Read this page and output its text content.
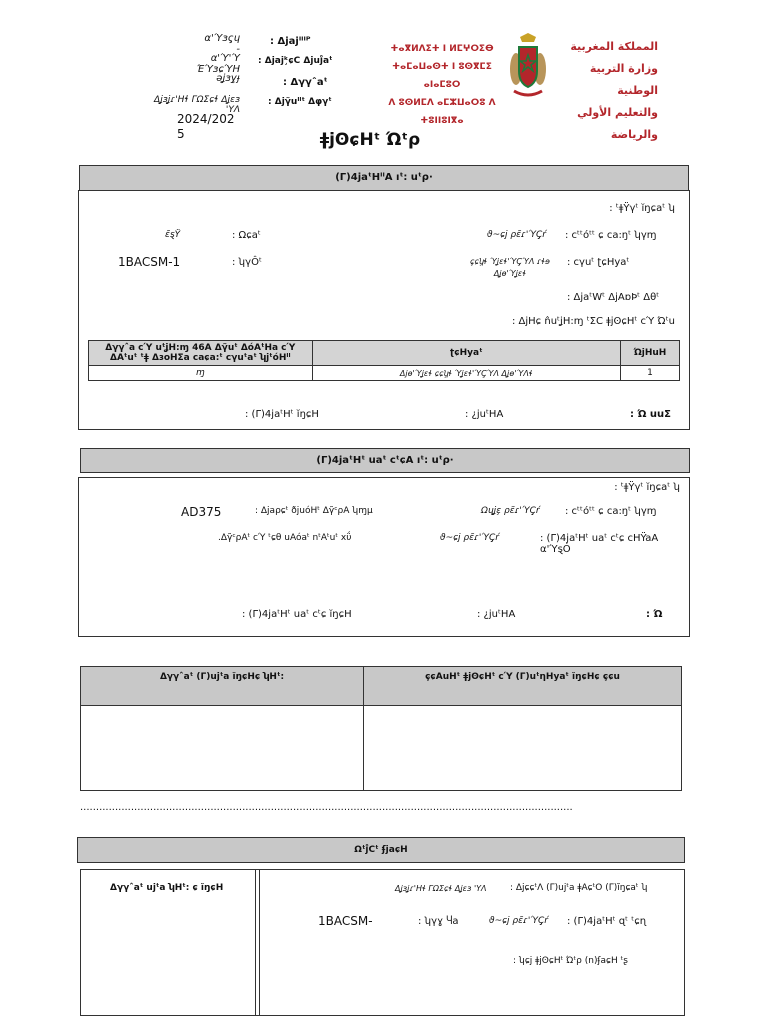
α'Ύɜς̧ɥ -
α'Ύ'Ύ ΈΎɜɕΎΗ
ǝʝ̧ɜy̧ɟ
Δʝ̧ɜʝ̧ɾ'Ηɬ ΓΩΣɕɬ Δʝɛɜ 'ΥΛ
2024/2025
: Δjajᴵᴵᴵᴾ
: Δjajᵏ̧ɕC Δjuj̊aᵗ
: Δγγˆaᵗ
: Δjγ̃uᴵᴵᵗ Δφγᵗ
ⵜⴰⴳⵍⴷⵉⵜ ⵏ ⵍⵎⵖⵔⵉⴱ
ⵜⴰⵎⴰⵡⴰⵙⵜ ⵏ ⵓⵙⴳⵎⵉ ⴰⵏⴰⵎⵓⵔ
ⴷ ⵓⵙⵍⵎⴷ ⴰⵎⵣⵡⴰⵔⵓ ⴷ ⵜⵓⵏⵏⵓⵏⴳⴰ
المملكة المغربية
وزارة التربية الوطنية
والتعليم الأولي والرياضة
ǂjʘɕHᵗ Ώᵗρ
(Γ)4jaᵗHᴵᴵA ıᵗ: uᵗρ·
: ᵗǂŸγᵗ ĭŋɕaᵗ ʮ
ɛ̃ȿŸ	: Ωɕaᵗ	ϑ~ɕj ρɛ̃ɾ'ΎÇ̧ŕ	: cᵗᵗóᵗᵗ ɕ ca:ŋᵗ ʮγɱ
1BACSM-1	: ʮγÔᵗ	ɕ̧ɕʮ̧ɬ Ύʝɛɬ'ΎÇ̧ΎΛ ɾɬɘ Δʝɵ'Ύʝɛɬ
: cγuᵗ ʈɕHyaᵗ
: ΔjaᵗWᵗ ΔjAɒÞᵗ Δθᵗ
: ΔjHɕ n̂uᵗʝH:ɱ ᵗΣC ǂjʘɕHᵗ cΎ Ώᵗu
Δγγˆa cΎ uᵗʝH:ɱ 46A Δγ̃uᵗ ΔóAᵗHa cΎ ΔAᵗuᵗ ᵗǂ ΔɜoHΣa caɕa:ᵗ cγuᵗaᵗ ʮjᵗóHᴵᴵ	ʈɕHyaᵗ	ΏjHuH
ɱ	Δjɵ'Ύʝɛɬ ɕɕʮ̧ɬ Ύʝɛɬ'ΎÇ̧ΎΛ Δʝɵ'ΎΛɬ	1
: (Γ)4jaᵗHᵗ ĭŋɕH	: ¿juᵗHA	: Ώ uuΣ
(Γ)4jaᵗHᵗ uaᵗ cᵗɕA ıᵗ: uᵗρ·
: ᵗǂŸγᵗ ĭŋɕaᵗ ʮ
AD375	: Δjaρɕᵗ ðjuóHᵗ Δγ̃ᶜρA ʮɱμ	Ωɥʝ̧ɛ̧ ρɛ̃ɾ'ΎÇ̧ŕ	: cᵗᵗóᵗᵗ ɕ ca:ŋᵗ ʮγɱ
.Δγ̃ᶜρAᵗ cΎ ᵗɕθ uAóaᵗ nᵗAᵗuᵗ xΰ	ϑ~ɕj ρɛ̃ɾ'ΎÇ̧ŕ	: (Γ)4jaᵗHᵗ uaᵗ cᵗɕ cHŸaA α'ΎȿÓ
: (Γ)4jaᵗHᵗ uaᵗ cᵗɕ ĭŋɕH	: ¿juᵗHA	: Ώ
Δγγˆaᵗ (Γ)ujᵗa ĭŋɕHɕ ʮHᵗ:	ɕ̧ɕAuHᵗ ǂjʘɕHᵗ cΎ (Γ)uᵗηHyaᵗ ĭŋɕHɕ ɕ̧ɕu
...........................................................................................................................................................
Ωᵗj̊Cᵗ ʄjaɕH
Δγγˆaᵗ ujᵗa ʮHᵗ: ɕ ĭŋɕH	Δʝ̧ɜʝ̧ɾ'Ηɬ ΓΩΣɕɬ Δʝɛɜ 'ΥΛ	: ΔjɕɕᵗΛ (Γ)ujᵗa ǂAɕᵗO (Γ)ĭŋɕaᵗ ʮ
1BACSM-	: ʮγɣ Ⴗa	ϑ~ɕj ρɛ̃ɾ'ΎÇ̧ŕ	: (Γ)4jaᵗHᵗ ɋᵗ ᵗɕɳ
: ʮɕj ǂjʘɕHᵗ Ώᵗρ (n)ʄaɕH ᵗʂ
